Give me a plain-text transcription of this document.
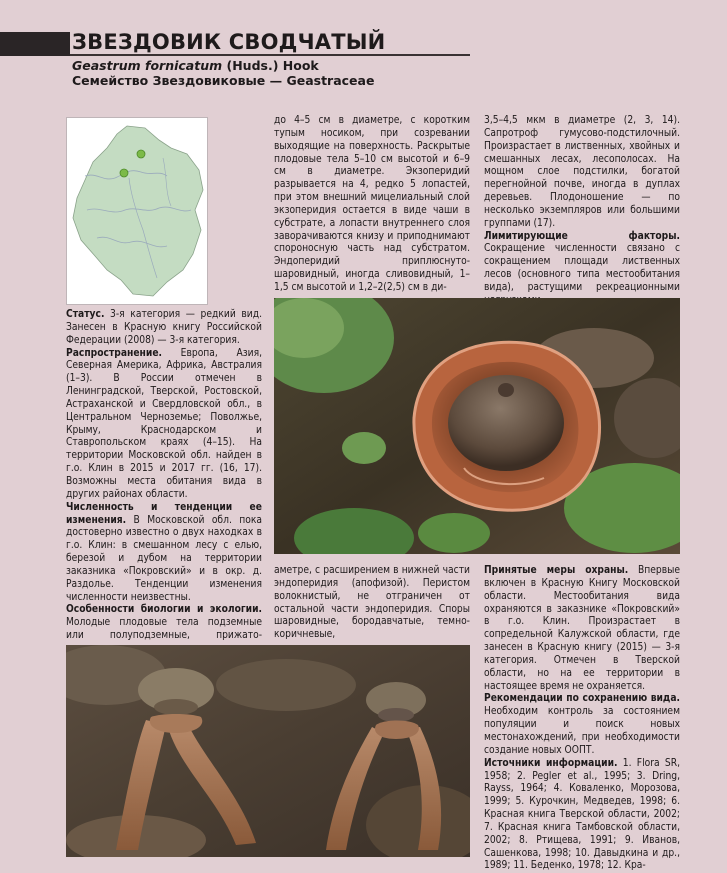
ЗВЕЗДОВИК СВОДЧАТЫЙ
Geastrum fornicatum (Huds.) Hook
Семейство Звездовиковые — Geastraceae

Статус. 3-я категория — редкий вид. Занесен в Красную книгу Российской Федерации (2008) — 3-я категория.

Распространение. Европа, Азия, Северная Америка, Африка, Австралия (1–3). В России отмечен в Ленинградской, Тверской, Ростовской, Астраханской и Свердловской обл., в Центральном Черноземье; Поволжье, Крыму, Краснодарском и Ставропольском краях (4–15). На территории Московской обл. найден в г.о. Клин в 2015 и 2017 гг. (16, 17). Возможны места обитания вида в других районах области.

Численность и тенденции ее изменения. В Московской обл. пока достоверно известно о двух находках в г.о. Клин: в смешанном лесу с елью, березой и дубом на территории заказника «Покровский» и в окр. д. Раздолье. Тенденции изменения численности неизвестны.

Особенности биологии и экологии. Молодые плодовые тела подземные или полуподземные, прижато-

до 4–5 см в диаметре, с коротким тупым носиком, при созревании выходящие на поверхность. Раскрытые плодовые тела 5–10 см высотой и 6–9 см в диаметре. Экзоперидий разрывается на 4, редко 5 лопастей, при этом внешний мицелиальный слой экзоперидия остается в виде чаши в субстрате, а лопасти внутреннего слоя заворачиваются книзу и приподнимают спороносную часть над субстратом. Эндоперидий приплюснуто-шаровидный, иногда сливовидный, 1–1,5 см высотой и 1,2–2(2,5) см в ди-

аметре, с расширением в нижней части эндоперидия (апофизой). Перистом волокнистый, не отграничен от остальной части эндоперидия. Споры шаровидные, бородавчатые, темно-коричневые,

3,5–4,5 мкм в диаметре (2, 3, 14). Сапротроф гумусово-подстилочный. Произрастает в лиственных, хвойных и смешанных лесах, лесополосах. На мощном слое подстилки, богатой перегнойной почве, иногда в дуплах деревьев. Плодоношение — по несколько экземпляров или большими группами (17).

Лимитирующие факторы. Сокращение численности связано с сокращением площади лиственных лесов (основного типа местообитания вида), растущими рекреационными

Принятые меры охраны. Впервые включен в Красную Книгу Московской области. Местообитания вида охраняются в заказнике «Покровский» в г.о. Клин. Произрастает в сопредельной Калужской области, где занесен в Красную книгу (2015) — 3-я категория. Отмечен в Тверской области, но на ее территории в настоящее время не охраняется.

Рекомендации по сохранению вида. Необходим контроль за состоянием популяции и поиск новых местонахождений, при необходимости создание новых ООПТ.

Источники информации. 1. Flora SR, 1958; 2. Pegler et al., 1995; 3. Dring, Rayss, 1964; 4. Коваленко, Морозова, 1999; 5. Курочкин, Медведев, 1998; 6. Красная книга Тверской области, 2002; 7. Красная книга Тамбовской области, 2002; 8. Ртищева, 1991; 9. Иванов, Сашенкова, 1998; 10. Давыдкина и др., 1989; 11. Беденко, 1978; 12. Кра-
